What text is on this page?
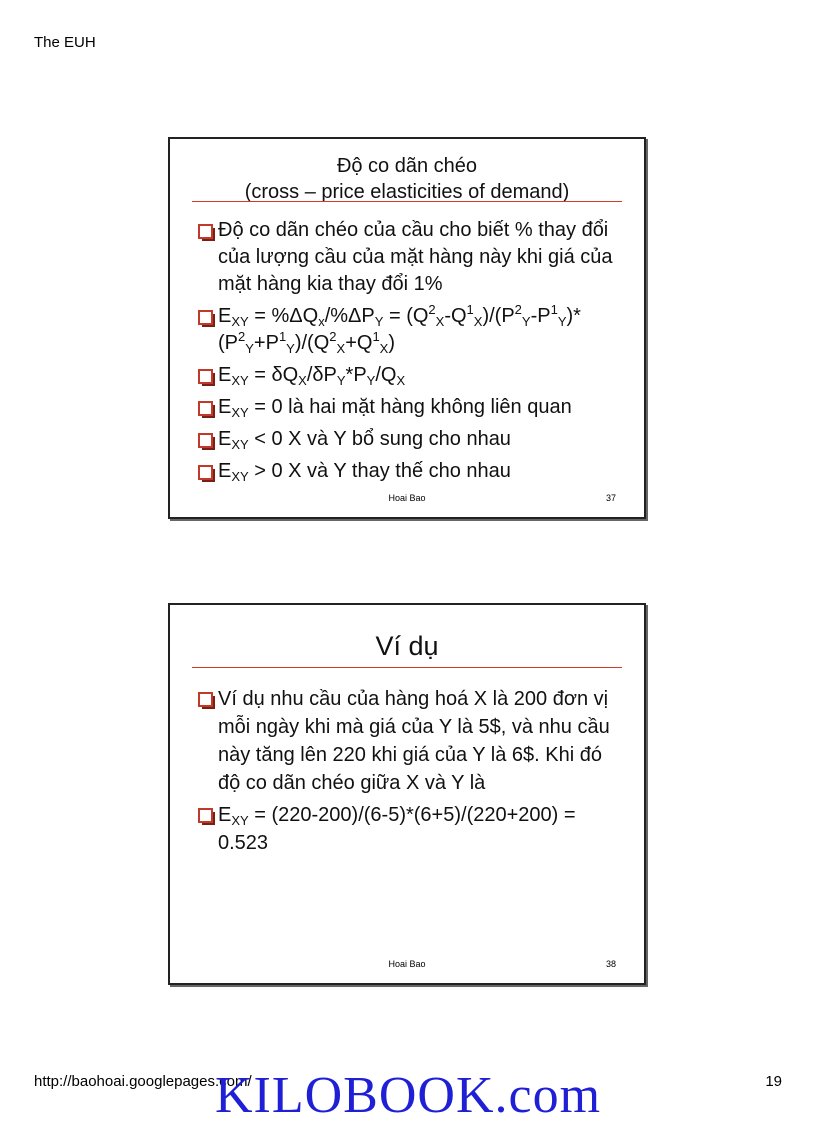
The EUH
Độ co dãn chéo
(cross – price elasticities of demand)
Độ co dãn chéo của cầu cho biết % thay đổi của lượng cầu của mặt hàng này khi giá của mặt hàng kia thay đổi 1%
$E_{XY} = \%\Delta Q_x/\%\Delta P_Y = (Q^2_X-Q^1_X)/(P^2_Y-P^1_Y)*(P^2_Y+P^1_Y)/(Q^2_X+Q^1_X)$
$E_{XY} = \delta Q_X/\delta P_Y*P_Y/Q_X$
$E_{XY} = 0$ là hai mặt hàng không liên quan
$E_{XY} < 0$ X và Y bổ sung cho nhau
$E_{XY} > 0$ X và Y thay thế cho nhau
Hoai Bao	37
Ví dụ
Ví dụ nhu cầu của hàng hoá X là 200 đơn vị mỗi ngày khi mà giá của Y là 5$, và nhu cầu này tăng lên 220 khi giá của Y là 6$. Khi đó độ co dãn chéo giữa X và Y là
$E_{XY} = (220-200)/(6-5)*(6+5)/(220+200) = 0.523$
Hoai Bao	38
http://baohoai.googlepages.com/	19
KILOBOOK.com
